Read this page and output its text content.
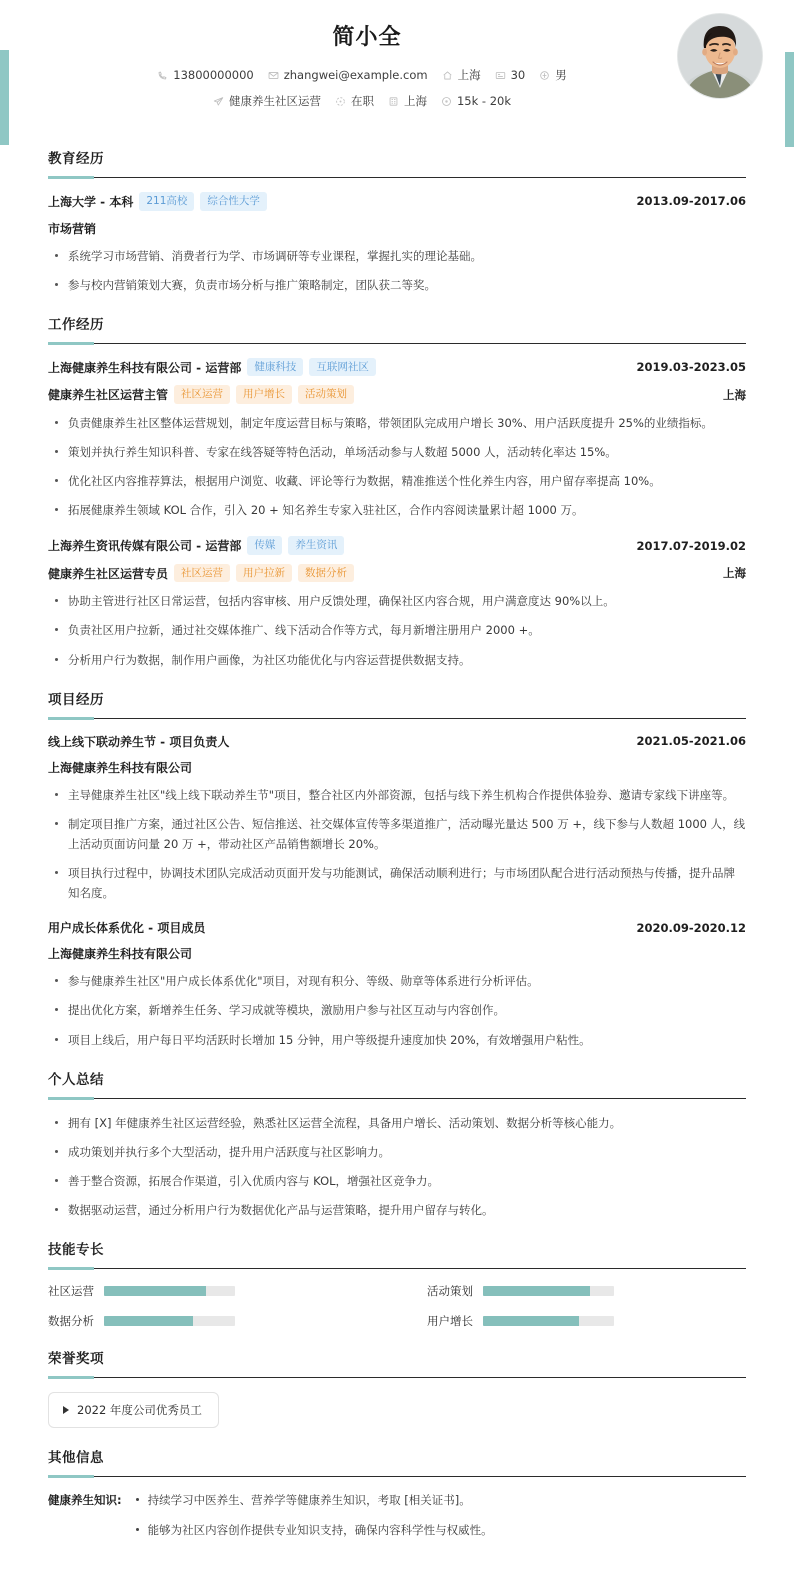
简小全
13800000000	zhangwei@example.com	上海	30	男
健康养生社区运营	在职	上海	15k - 20k
教育经历
上海大学 - 本科	211高校	综合性大学	2013.09-2017.06
市场营销
系统学习市场营销、消费者行为学、市场调研等专业课程，掌握扎实的理论基础。
参与校内营销策划大赛，负责市场分析与推广策略制定，团队获二等奖。
工作经历
上海健康养生科技有限公司 - 运营部	健康科技	互联网社区	2019.03-2023.05
健康养生社区运营主管	社区运营	用户增长	活动策划	上海
负责健康养生社区整体运营规划，制定年度运营目标与策略，带领团队完成用户增长 30%、用户活跃度提升 25%的业绩指标。
策划并执行养生知识科普、专家在线答疑等特色活动，单场活动参与人数超 5000 人，活动转化率达 15%。
优化社区内容推荐算法，根据用户浏览、收藏、评论等行为数据，精准推送个性化养生内容，用户留存率提高 10%。
拓展健康养生领域 KOL 合作，引入 20 + 知名养生专家入驻社区，合作内容阅读量累计超 1000 万。
上海养生资讯传媒有限公司 - 运营部	传媒	养生资讯	2017.07-2019.02
健康养生社区运营专员	社区运营	用户拉新	数据分析	上海
协助主管进行社区日常运营，包括内容审核、用户反馈处理，确保社区内容合规，用户满意度达 90%以上。
负责社区用户拉新，通过社交媒体推广、线下活动合作等方式，每月新增注册用户 2000 +。
分析用户行为数据，制作用户画像，为社区功能优化与内容运营提供数据支持。
项目经历
线上线下联动养生节 - 项目负责人	2021.05-2021.06
上海健康养生科技有限公司
主导健康养生社区"线上线下联动养生节"项目，整合社区内外部资源，包括与线下养生机构合作提供体验券、邀请专家线下讲座等。
制定项目推广方案，通过社区公告、短信推送、社交媒体宣传等多渠道推广，活动曝光量达 500 万 +，线下参与人数超 1000 人，线上活动页面访问量 20 万 +，带动社区产品销售额增长 20%。
项目执行过程中，协调技术团队完成活动页面开发与功能测试，确保活动顺利进行；与市场团队配合进行活动预热与传播，提升品牌知名度。
用户成长体系优化 - 项目成员	2020.09-2020.12
上海健康养生科技有限公司
参与健康养生社区"用户成长体系优化"项目，对现有积分、等级、勋章等体系进行分析评估。
提出优化方案，新增养生任务、学习成就等模块，激励用户参与社区互动与内容创作。
项目上线后，用户每日平均活跃时长增加 15 分钟，用户等级提升速度加快 20%，有效增强用户粘性。
个人总结
拥有 [X] 年健康养生社区运营经验，熟悉社区运营全流程，具备用户增长、活动策划、数据分析等核心能力。
成功策划并执行多个大型活动，提升用户活跃度与社区影响力。
善于整合资源，拓展合作渠道，引入优质内容与 KOL，增强社区竞争力。
数据驱动运营，通过分析用户行为数据优化产品与运营策略，提升用户留存与转化。
技能专长
社区运营	活动策划
数据分析	用户增长
荣誉奖项
2022 年度公司优秀员工
其他信息
健康养生知识:	持续学习中医养生、营养学等健康养生知识，考取 [相关证书]。
能够为社区内容创作提供专业知识支持，确保内容科学性与权威性。
